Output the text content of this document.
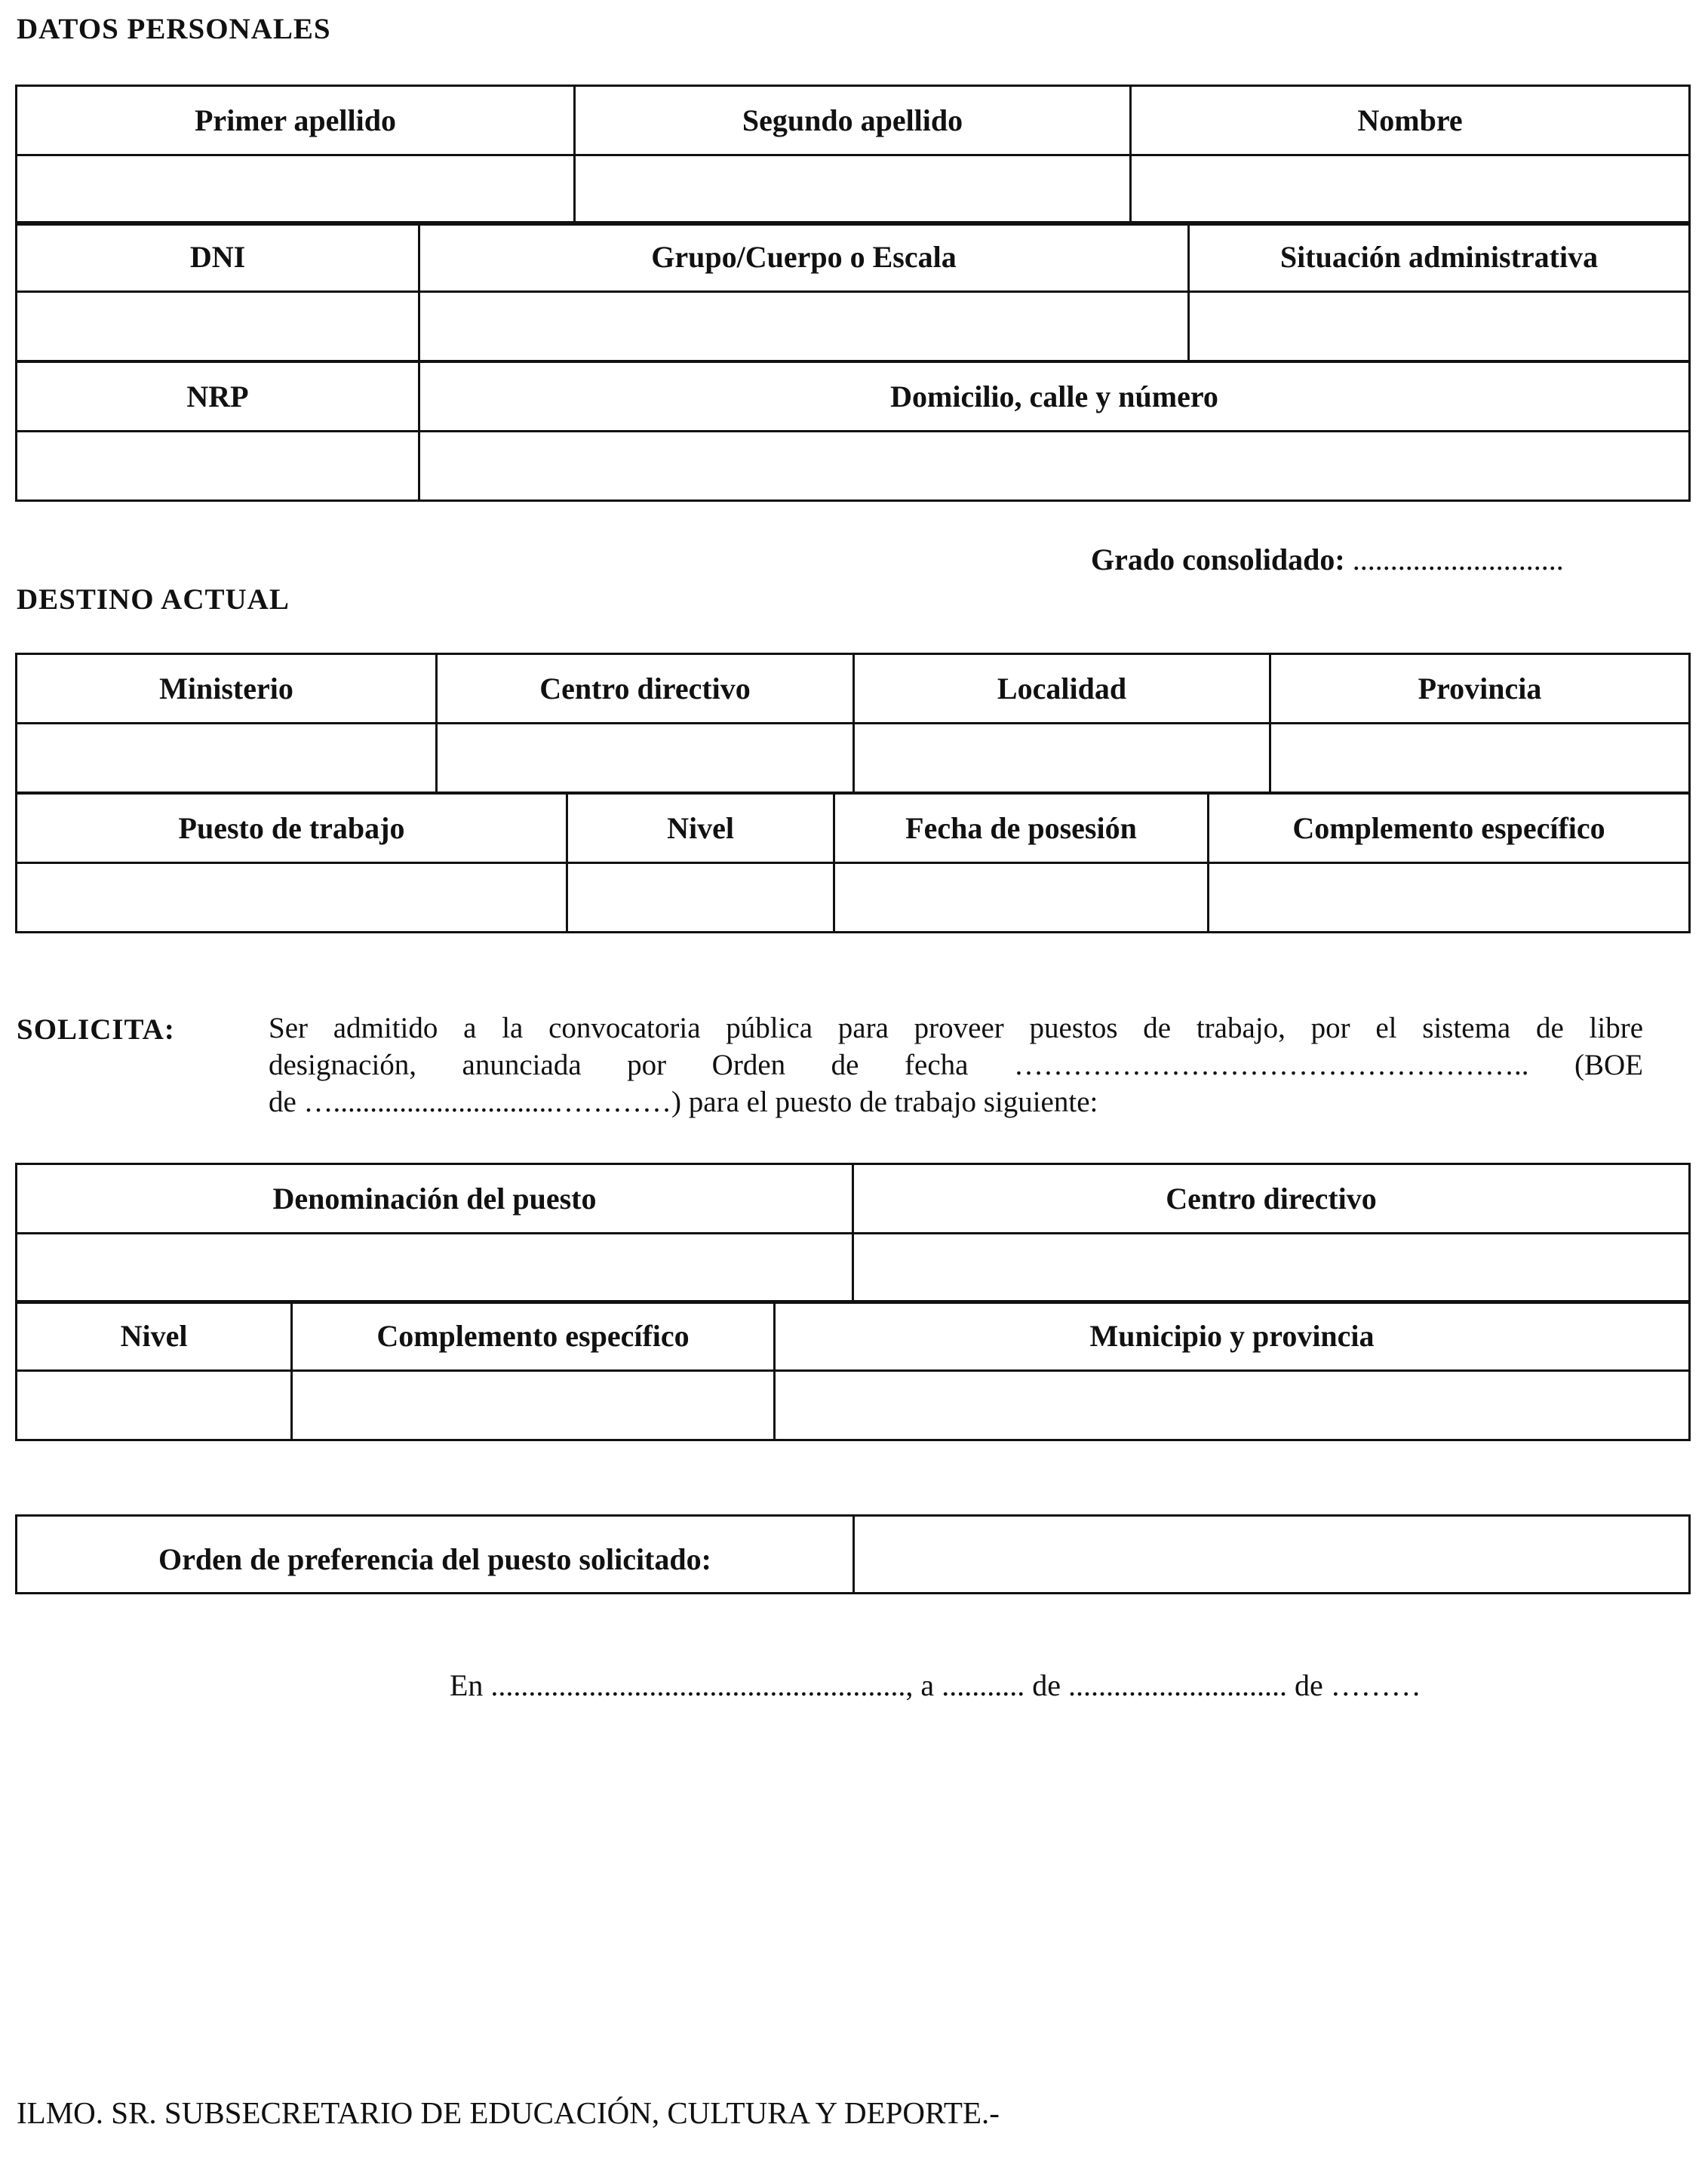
DATOS PERSONALES
Primer apellido	Segundo apellido	Nombre

DNI	Grupo/Cuerpo o Escala	Situación administrativa

NRP	Domicilio, calle y número

Grado consolidado: ............................
DESTINO ACTUAL
Ministerio	Centro directivo	Localidad	Provincia

Puesto de trabajo	Nivel	Fecha de posesión	Complemento específico

SOLICITA:	Ser admitido a la convocatoria pública para proveer puestos de trabajo, por el sistema de libre
designación, anunciada por Orden de fecha …………………………………………….. (BOE
de …..............................…………) para el puesto de trabajo siguiente:
Denominación del puesto	Centro directivo

Nivel	Complemento específico	Municipio y provincia

Orden de preferencia del puesto solicitado:	
En ......................................................., a ........... de ............................. de ………
ILMO. SR. SUBSECRETARIO DE EDUCACIÓN, CULTURA Y DEPORTE.-
